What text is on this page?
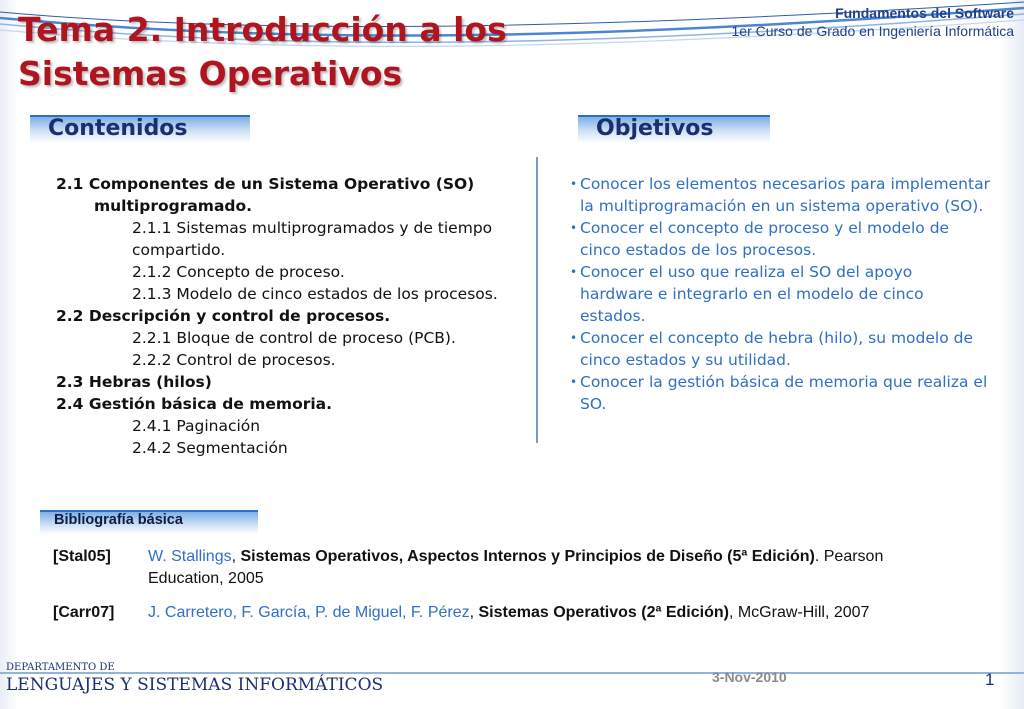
Tema 2. Introducción a los Sistemas Operativos
Fundamentos del Software
1er Curso de Grado en Ingeniería Informática
Contenidos	Objetivos
2.1 Componentes de un Sistema Operativo (SO)
multiprogramado.
2.1.1 Sistemas multiprogramados y de tiempo
compartido.
2.1.2 Concepto de proceso.
2.1.3 Modelo de cinco estados de los procesos.
2.2 Descripción y control de procesos.
2.2.1 Bloque de control de proceso (PCB).
2.2.2 Control de procesos.
2.3 Hebras (hilos)
2.4 Gestión básica de memoria.
2.4.1 Paginación
2.4.2 Segmentación
• Conocer los elementos necesarios para implementar la multiprogramación en un sistema operativo (SO).
• Conocer el concepto de proceso y el modelo de cinco estados de los procesos.
• Conocer el uso que realiza el SO del apoyo hardware e integrarlo en el modelo de cinco estados.
• Conocer el concepto de hebra (hilo), su modelo de cinco estados y su utilidad.
• Conocer la gestión básica de memoria que realiza el SO.
Bibliografía básica
[Stal05] W. Stallings, Sistemas Operativos, Aspectos Internos y Principios de Diseño (5ª Edición). Pearson Education, 2005
[Carr07] J. Carretero, F. García, P. de Miguel, F. Pérez, Sistemas Operativos (2ª Edición), McGraw-Hill, 2007
DEPARTAMENTO DE
LENGUAJES Y SISTEMAS INFORMÁTICOS	3-Nov-2010	1
